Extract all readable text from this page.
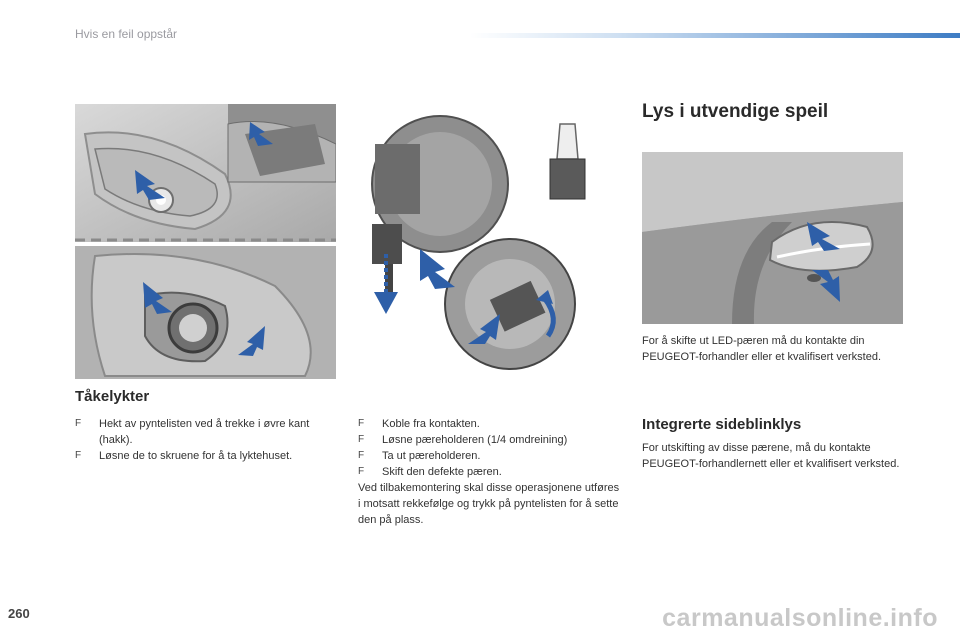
Hvis en feil oppstår
Tåkelykter
F Hekt av pyntelisten ved å trekke i øvre kant (hakk).
F Løsne de to skruene for å ta lyktehuset.
F Koble fra kontakten.
F Løsne pæreholderen (1/4 omdreining)
F Ta ut pæreholderen.
F Skift den defekte pæren.

Ved tilbakemontering skal disse operasjonene utføres i motsatt rekkefølge og trykk på pyntelisten for å sette den på plass.

Lys i utvendige speil

For å skifte ut LED-pæren må du kontakte din PEUGEOT-forhandler eller et kvalifisert verksted.

Integrerte sideblinklys

For utskifting av disse pærene, må du kontakte PEUGEOT-forhandlernett eller et kvalifisert verksted.

260	carmanualsonline.info
